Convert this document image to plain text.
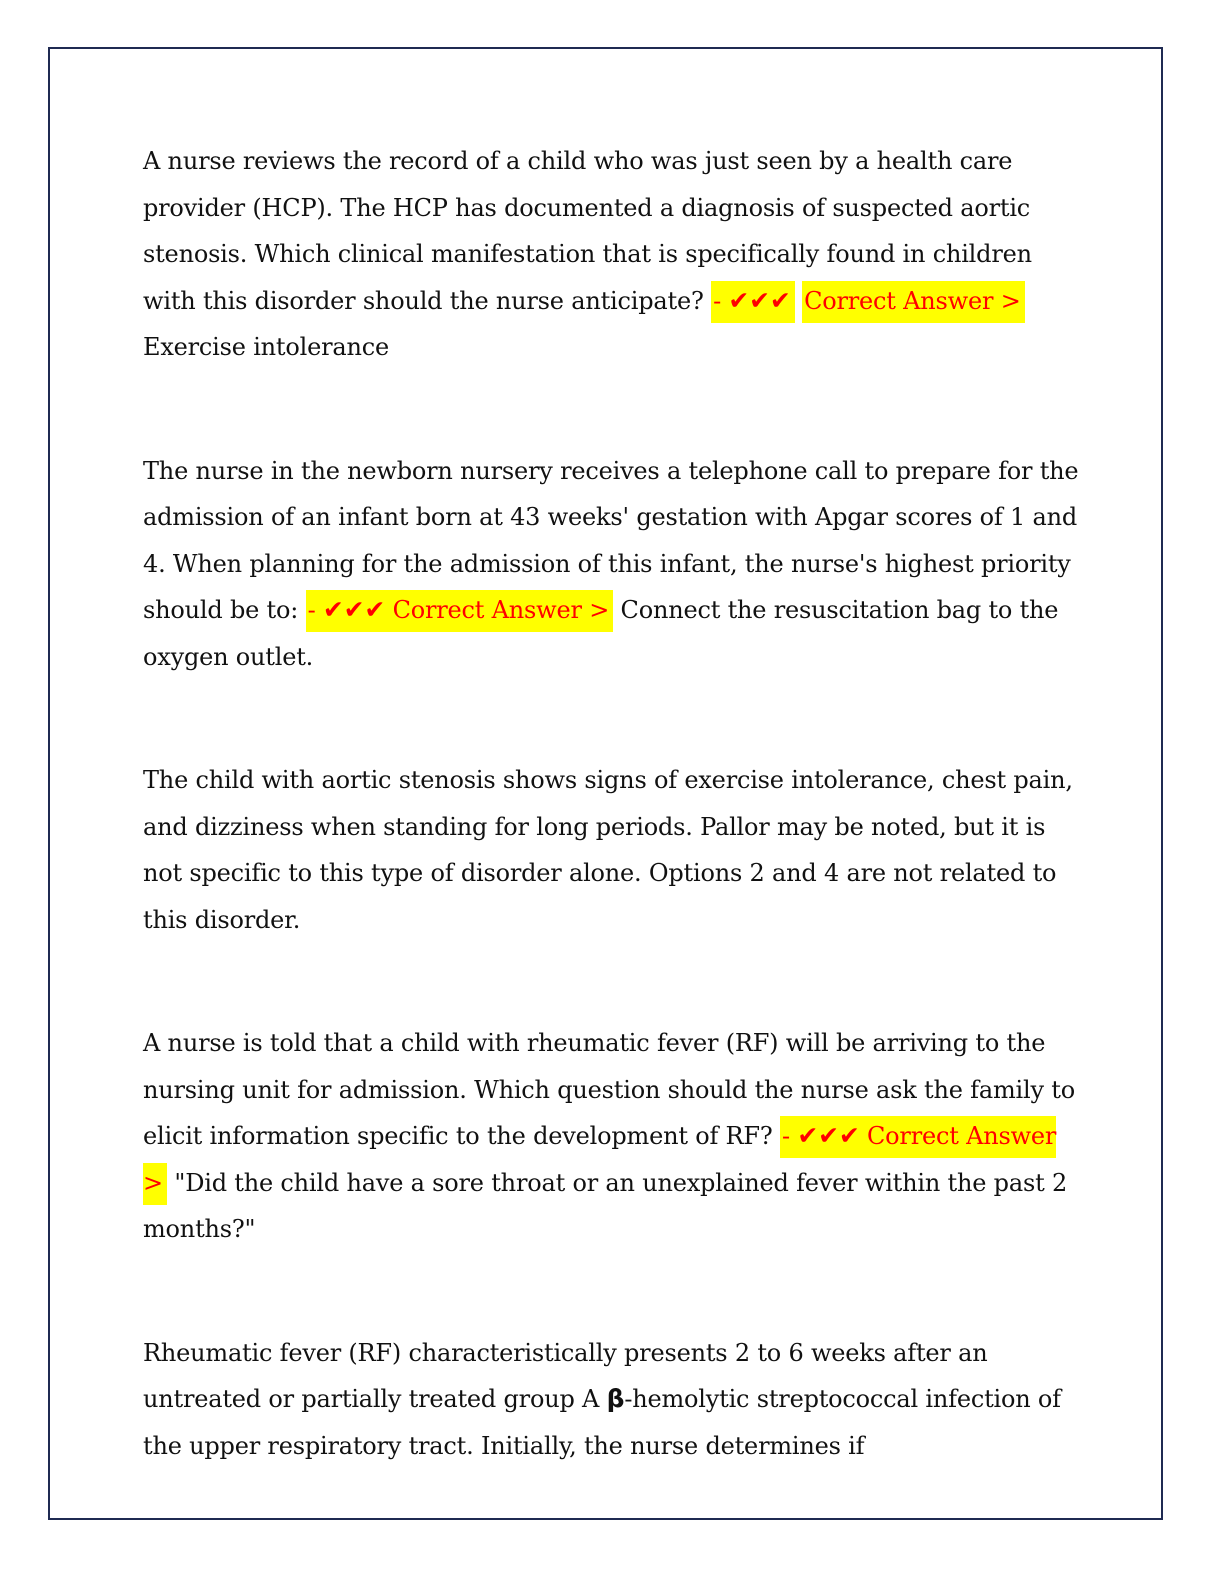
A nurse reviews the record of a child who was just seen by a health care provider (HCP). The HCP has documented a diagnosis of suspected aortic stenosis. Which clinical manifestation that is specifically found in children with this disorder should the nurse anticipate? - ✔✔✔ Correct Answer > Exercise intolerance

The nurse in the newborn nursery receives a telephone call to prepare for the admission of an infant born at 43 weeks' gestation with Apgar scores of 1 and 4. When planning for the admission of this infant, the nurse's highest priority should be to: - ✔✔✔ Correct Answer > Connect the resuscitation bag to the oxygen outlet.

The child with aortic stenosis shows signs of exercise intolerance, chest pain, and dizziness when standing for long periods. Pallor may be noted, but it is not specific to this type of disorder alone. Options 2 and 4 are not related to this disorder.

A nurse is told that a child with rheumatic fever (RF) will be arriving to the nursing unit for admission. Which question should the nurse ask the family to elicit information specific to the development of RF? - ✔✔✔ Correct Answer > "Did the child have a sore throat or an unexplained fever within the past 2 months?"

Rheumatic fever (RF) characteristically presents 2 to 6 weeks after an untreated or partially treated group A β-hemolytic streptococcal infection of the upper respiratory tract. Initially, the nurse determines if
